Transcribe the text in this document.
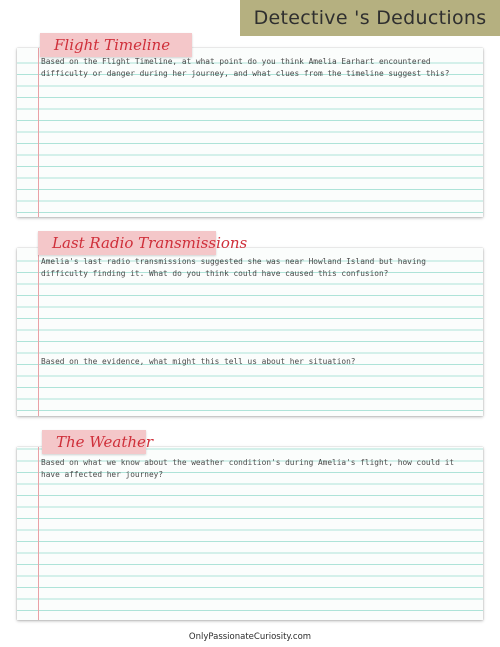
Detective 's Deductions

Based on the Flight Timeline, at what point do you think Amelia Earhart encountered difficulty or danger during her journey, and what clues from the timeline suggest this?

Flight Timeline

Amelia's last radio transmissions suggested she was near Howland Island but having difficulty finding it. What do you think could have caused this confusion?

Based on the evidence, what might this tell us about her situation?

Last Radio Transmissions

Based on what we know about the weather condition's during Amelia's flight, how could it have affected her journey?

The Weather
OnlyPassionateCuriosity.com
